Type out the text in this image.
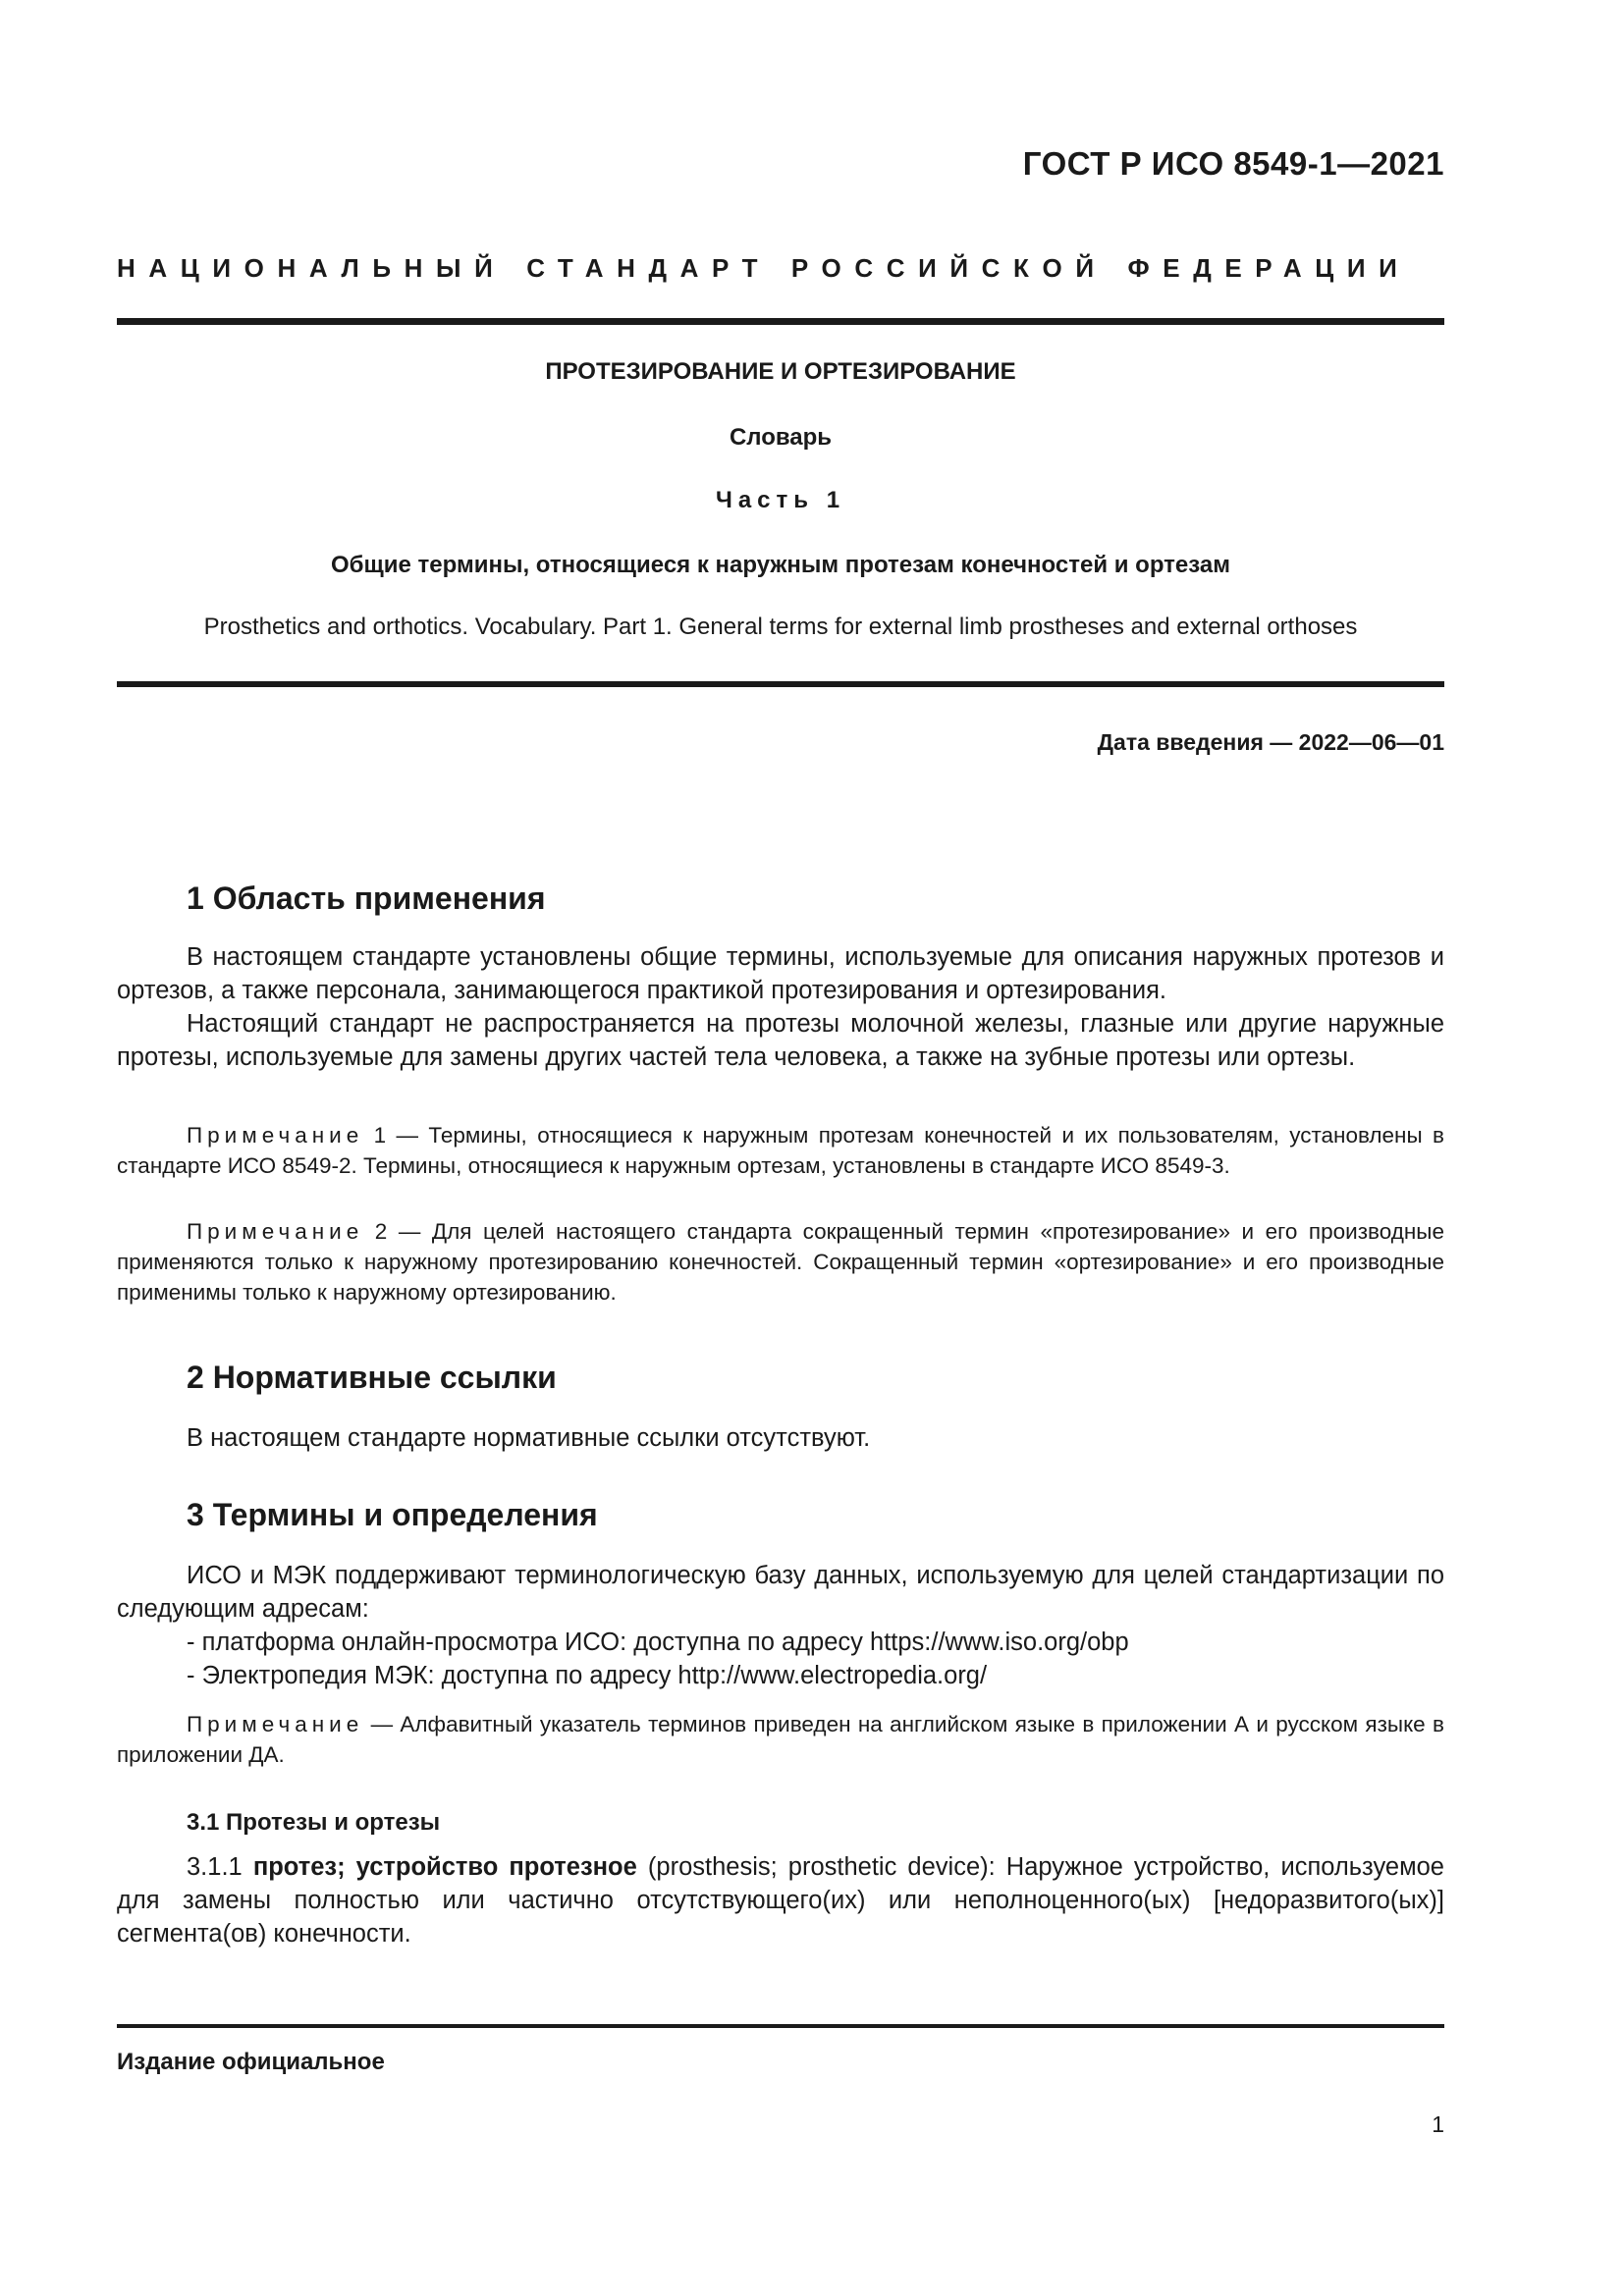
ГОСТ Р ИСО 8549-1—2021
НАЦИОНАЛЬНЫЙ СТАНДАРТ РОССИЙСКОЙ ФЕДЕРАЦИИ
ПРОТЕЗИРОВАНИЕ И ОРТЕЗИРОВАНИЕ
Словарь
Часть 1
Общие термины, относящиеся к наружным протезам конечностей и ортезам
Prosthetics and orthotics. Vocabulary. Part 1. General terms for external limb prostheses and external orthoses
Дата введения — 2022—06—01
1 Область применения
В настоящем стандарте установлены общие термины, используемые для описания наружных протезов и ортезов, а также персонала, занимающегося практикой протезирования и ортезирования.
Настоящий стандарт не распространяется на протезы молочной железы, глазные или другие наружные протезы, используемые для замены других частей тела человека, а также на зубные протезы или ортезы.
Примечание 1 — Термины, относящиеся к наружным протезам конечностей и их пользователям, установлены в стандарте ИСО 8549-2. Термины, относящиеся к наружным ортезам, установлены в стандарте ИСО 8549-3.
Примечание 2 — Для целей настоящего стандарта сокращенный термин «протезирование» и его производные применяются только к наружному протезированию конечностей. Сокращенный термин «ортезирование» и его производные применимы только к наружному ортезированию.
2 Нормативные ссылки
В настоящем стандарте нормативные ссылки отсутствуют.
3 Термины и определения
ИСО и МЭК поддерживают терминологическую базу данных, используемую для целей стандартизации по следующим адресам:
- платформа онлайн-просмотра ИСО: доступна по адресу https://www.iso.org/obp
- Электропедия МЭК: доступна по адресу http://www.electropedia.org/
Примечание — Алфавитный указатель терминов приведен на английском языке в приложении А и русском языке в приложении ДА.
3.1 Протезы и ортезы
3.1.1 протез; устройство протезное (prosthesis; prosthetic device): Наружное устройство, используемое для замены полностью или частично отсутствующего(их) или неполноценного(ых) [недоразвитого(ых)] сегмента(ов) конечности.
Издание официальное
1
